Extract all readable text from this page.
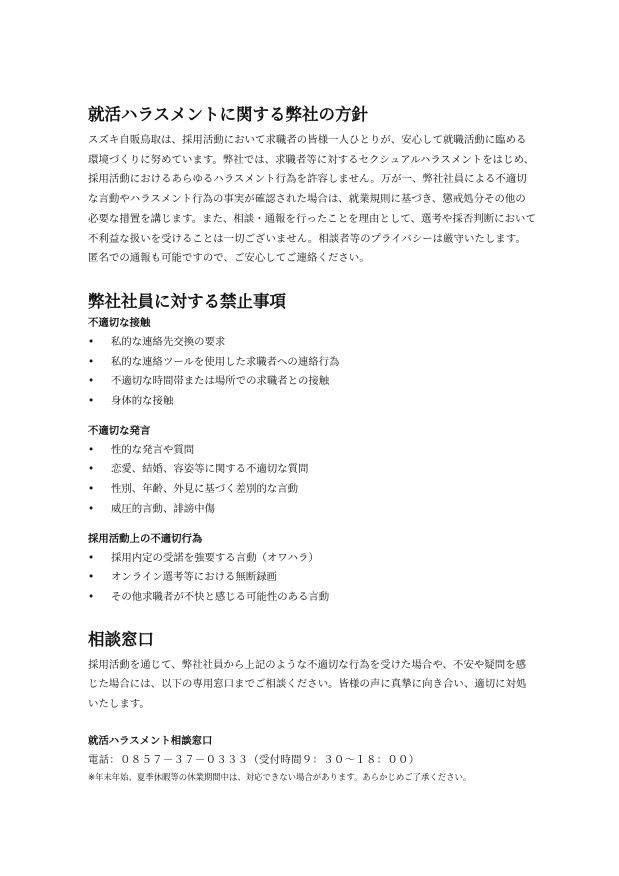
就活ハラスメントに関する弊社の方針

スズキ自販鳥取は、採用活動において求職者の皆様一人ひとりが、安心して就職活動に臨める環境づくりに努めています。弊社では、求職者等に対するセクシュアルハラスメントをはじめ、採用活動におけるあらゆるハラスメント行為を許容しません。万が一、弊社社員による不適切な言動やハラスメント行為の事実が確認された場合は、就業規則に基づき、懲戒処分その他の必要な措置を講じます。また、相談・通報を行ったことを理由として、選考や採否判断において不利益な扱いを受けることは一切ございません。相談者等のプライバシーは厳守いたします。匿名での通報も可能ですので、ご安心してご連絡ください。

弊社社員に対する禁止事項
不適切な接触
• 私的な連絡先交換の要求
• 私的な連絡ツールを使用した求職者への連絡行為
• 不適切な時間帯または場所での求職者との接触
• 身体的な接触
不適切な発言
• 性的な発言や質問
• 恋愛、結婚、容姿等に関する不適切な質問
• 性別、年齢、外見に基づく差別的な言動
• 威圧的言動、誹謗中傷
採用活動上の不適切行為
• 採用内定の受諾を強要する言動（オワハラ）
• オンライン選考等における無断録画
• その他求職者が不快と感じる可能性のある言動
相談窓口

採用活動を通じて、弊社社員から上記のような不適切な行為を受けた場合や、不安や疑問を感じた場合には、以下の専用窓口までご相談ください。皆様の声に真摯に向き合い、適切に対処いたします。

就活ハラスメント相談窓口
電話：０８５７－３７－０３３３（受付時間９：３０～１８：００）
※年末年始、夏季休暇等の休業期間中は、対応できない場合があります。あらかじめご了承ください。
